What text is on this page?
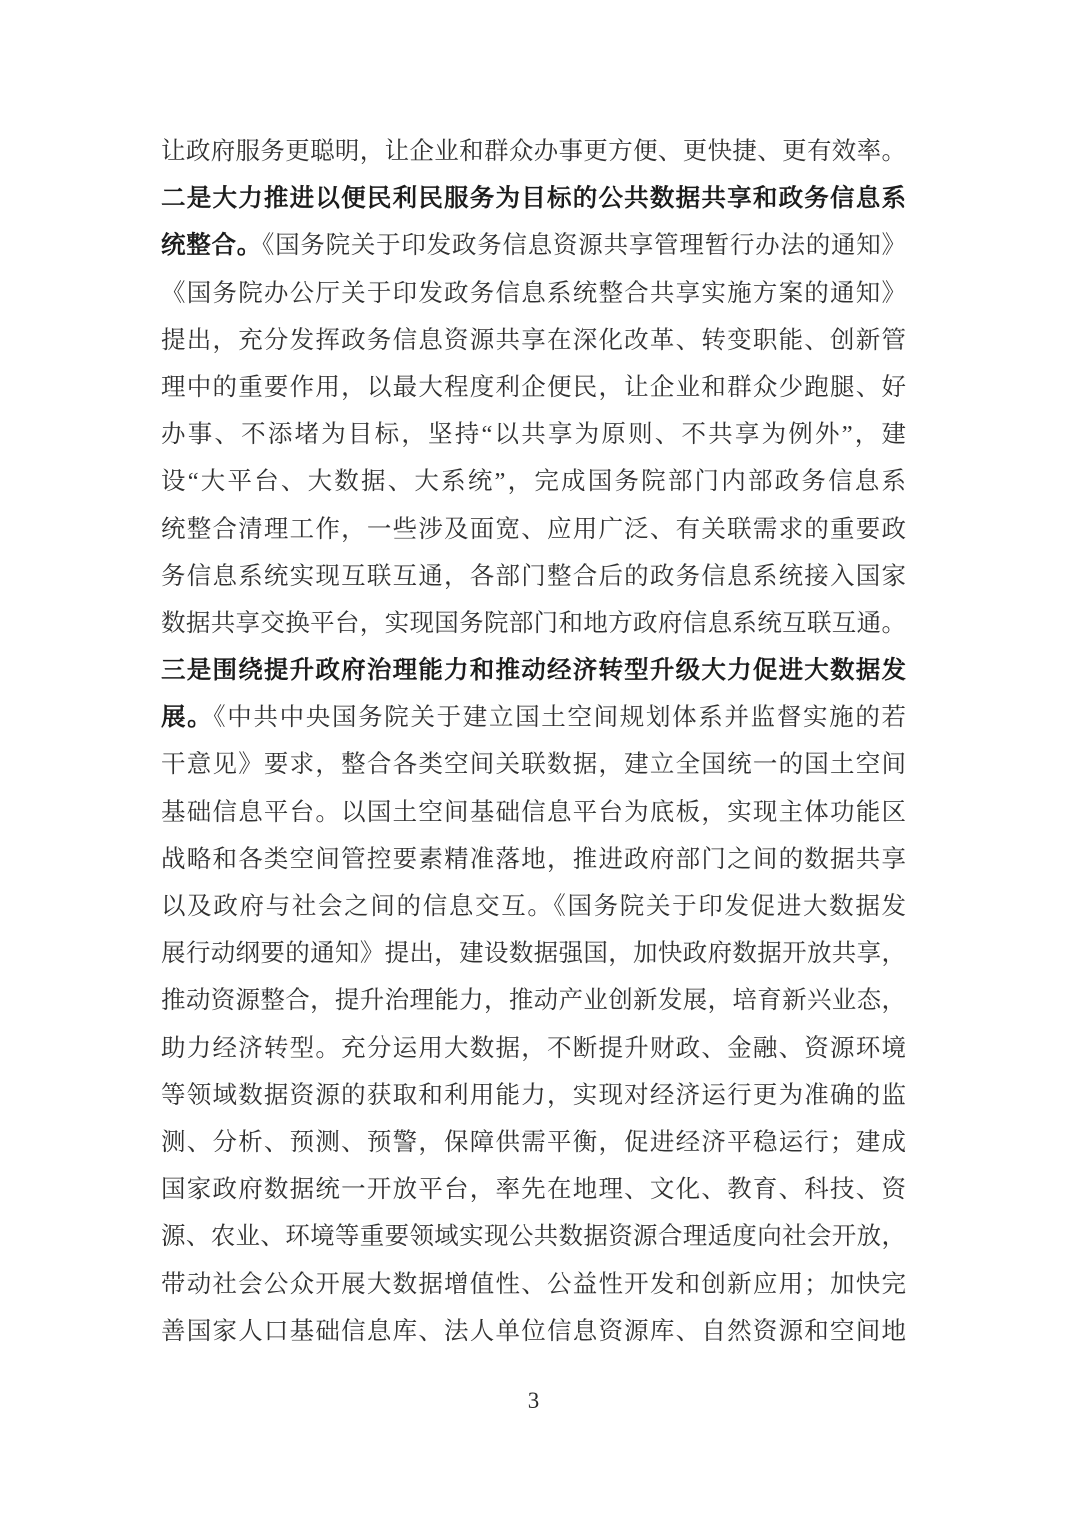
让政府服务更聪明，让企业和群众办事更方便、更快捷、更有效率。
二是大力推进以便民利民服务为目标的公共数据共享和政务信息系
统整合。《国务院关于印发政务信息资源共享管理暂行办法的通知》
《国务院办公厅关于印发政务信息系统整合共享实施方案的通知》
提出，充分发挥政务信息资源共享在深化改革、转变职能、创新管
理中的重要作用，以最大程度利企便民，让企业和群众少跑腿、好
办事、不添堵为目标，坚持“以共享为原则、不共享为例外”，建
设“大平台、大数据、大系统”，完成国务院部门内部政务信息系
统整合清理工作，一些涉及面宽、应用广泛、有关联需求的重要政
务信息系统实现互联互通，各部门整合后的政务信息系统接入国家
数据共享交换平台，实现国务院部门和地方政府信息系统互联互通。
三是围绕提升政府治理能力和推动经济转型升级大力促进大数据发
展。《中共中央国务院关于建立国土空间规划体系并监督实施的若
干意见》要求，整合各类空间关联数据，建立全国统一的国土空间
基础信息平台。以国土空间基础信息平台为底板，实现主体功能区
战略和各类空间管控要素精准落地，推进政府部门之间的数据共享
以及政府与社会之间的信息交互。《国务院关于印发促进大数据发
展行动纲要的通知》提出，建设数据强国，加快政府数据开放共享，
推动资源整合，提升治理能力，推动产业创新发展，培育新兴业态，
助力经济转型。充分运用大数据，不断提升财政、金融、资源环境
等领域数据资源的获取和利用能力，实现对经济运行更为准确的监
测、分析、预测、预警，保障供需平衡，促进经济平稳运行；建成
国家政府数据统一开放平台，率先在地理、文化、教育、科技、资
源、农业、环境等重要领域实现公共数据资源合理适度向社会开放，
带动社会公众开展大数据增值性、公益性开发和创新应用；加快完
善国家人口基础信息库、法人单位信息资源库、自然资源和空间地
3
